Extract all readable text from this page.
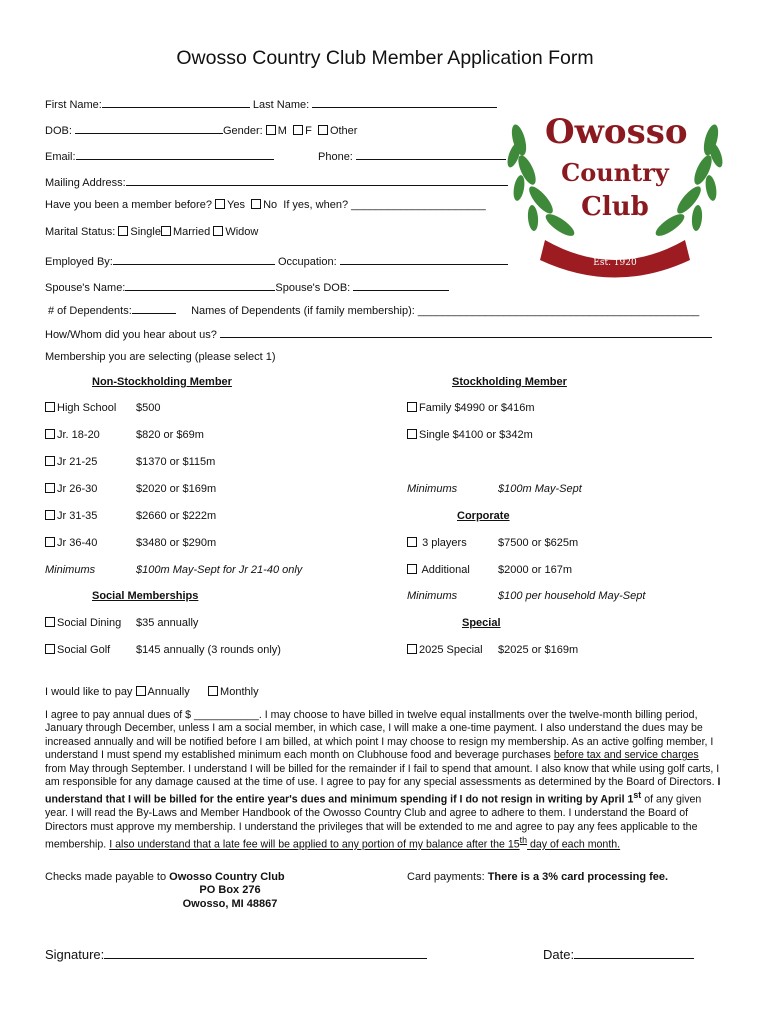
Owosso Country Club Member Application Form
Owosso
Country
Club
Est. 1920
First Name:	Last Name:
DOB:	Gender: M F Other
Email:	Phone:
Mailing Address:
Have you been a member before? Yes No If yes, when? ______________________
Marital Status: Single Married Widow
Employed By:	Occupation:
Spouse's Name:	Spouse's DOB:
# of Dependents:	Names of Dependents (if family membership): ______________________________________________
How/Whom did you hear about us?
Membership you are selecting (please select 1)
Non-Stockholding Member	Stockholding Member
High School $500
Jr. 18-20	$820 or $69m
Jr 21-25	$1370 or $115m
Jr 26-30	$2020 or $169m
Jr 31-35	$2660 or $222m
Jr 36-40	$3480 or $290m
Minimums	$100m May-Sept for Jr 21-40 only
Social Memberships
Social Dining $35 annually
Social Golf $145 annually (3 rounds only)
Family $4990 or $416m
Single $4100 or $342m
Minimums	$100m May-Sept
Corporate
3 players	$7500 or $625m
Additional	$2000 or 167m
Minimums	$100 per household May-Sept
Special
2025 Special $2025 or $169m
I would like to pay Annually	Monthly
I agree to pay annual dues of $ ___________. I may choose to have billed in twelve equal installments over the twelve-month billing period, January through December, unless I am a social member, in which case, I will make a one-time payment. I also understand the dues may be increased annually and will be notified before I am billed, at which point I may choose to resign my membership. As an active golfing member, I understand I must spend my established minimum each month on Clubhouse food and beverage purchases before tax and service charges from May through September. I understand I will be billed for the remainder if I fail to spend that amount. I also know that while using golf carts, I am responsible for any damage caused at the time of use. I agree to pay for any special assessments as determined by the Board of Directors. I understand that I will be billed for the entire year's dues and minimum spending if I do not resign in writing by April 1st of any given year. I will read the By-Laws and Member Handbook of the Owosso Country Club and agree to adhere to them. I understand the Board of Directors must approve my membership. I understand the privileges that will be extended to me and agree to pay any fees applicable to the membership. I also understand that a late fee will be applied to any portion of my balance after the 15th day of each month.
Checks made payable to Owosso Country Club
PO Box 276
Owosso, MI 48867
Card payments: There is a 3% card processing fee.
Signature:	Date:
